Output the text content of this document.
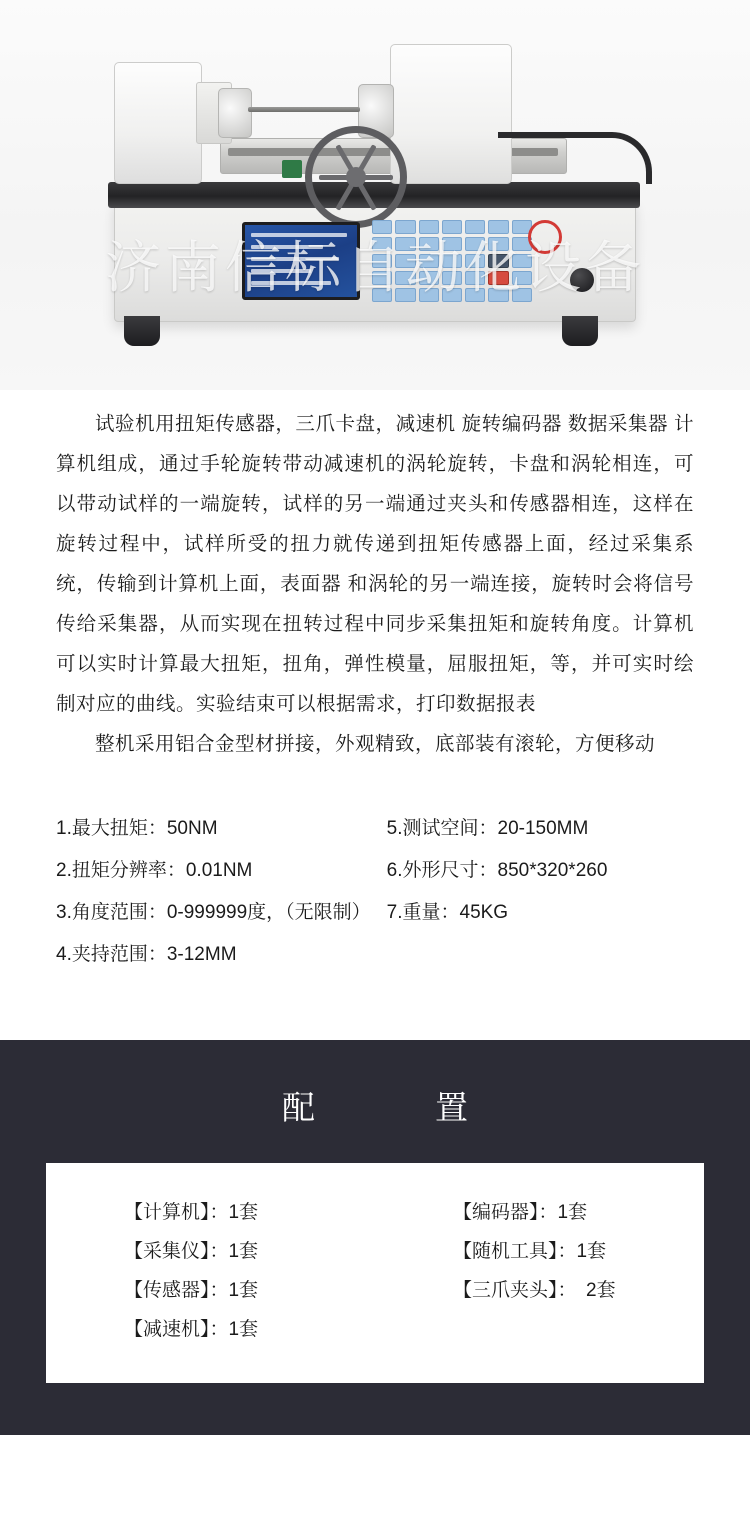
济南信标自动化设备

试验机用扭矩传感器，三爪卡盘，减速机 旋转编码器 数据采集器 计算机组成，通过手轮旋转带动减速机的涡轮旋转，卡盘和涡轮相连，可以带动试样的一端旋转，试样的另一端通过夹头和传感器相连，这样在旋转过程中，试样所受的扭力就传递到扭矩传感器上面，经过采集系统，传输到计算机上面，表面器 和涡轮的另一端连接，旋转时会将信号传给采集器，从而实现在扭转过程中同步采集扭矩和旋转角度。计算机可以实时计算最大扭矩，扭角，弹性模量，屈服扭矩，等，并可实时绘制对应的曲线。实验结束可以根据需求，打印数据报表

整机采用铝合金型材拼接，外观精致，底部装有滚轮，方便移动

1.最大扭矩：50NM
2.扭矩分辨率：0.01NM
3.角度范围：0-999999度，（无限制）
4.夹持范围：3-12MM
5.测试空间：20-150MM
6.外形尺寸：850*320*260
7.重量：45KG
配　　置
【计算机】：1套
【采集仪】：1套
【传感器】：1套
【减速机】：1套
【编码器】：1套
【随机工具】：1套
【三爪夹头】：　2套
